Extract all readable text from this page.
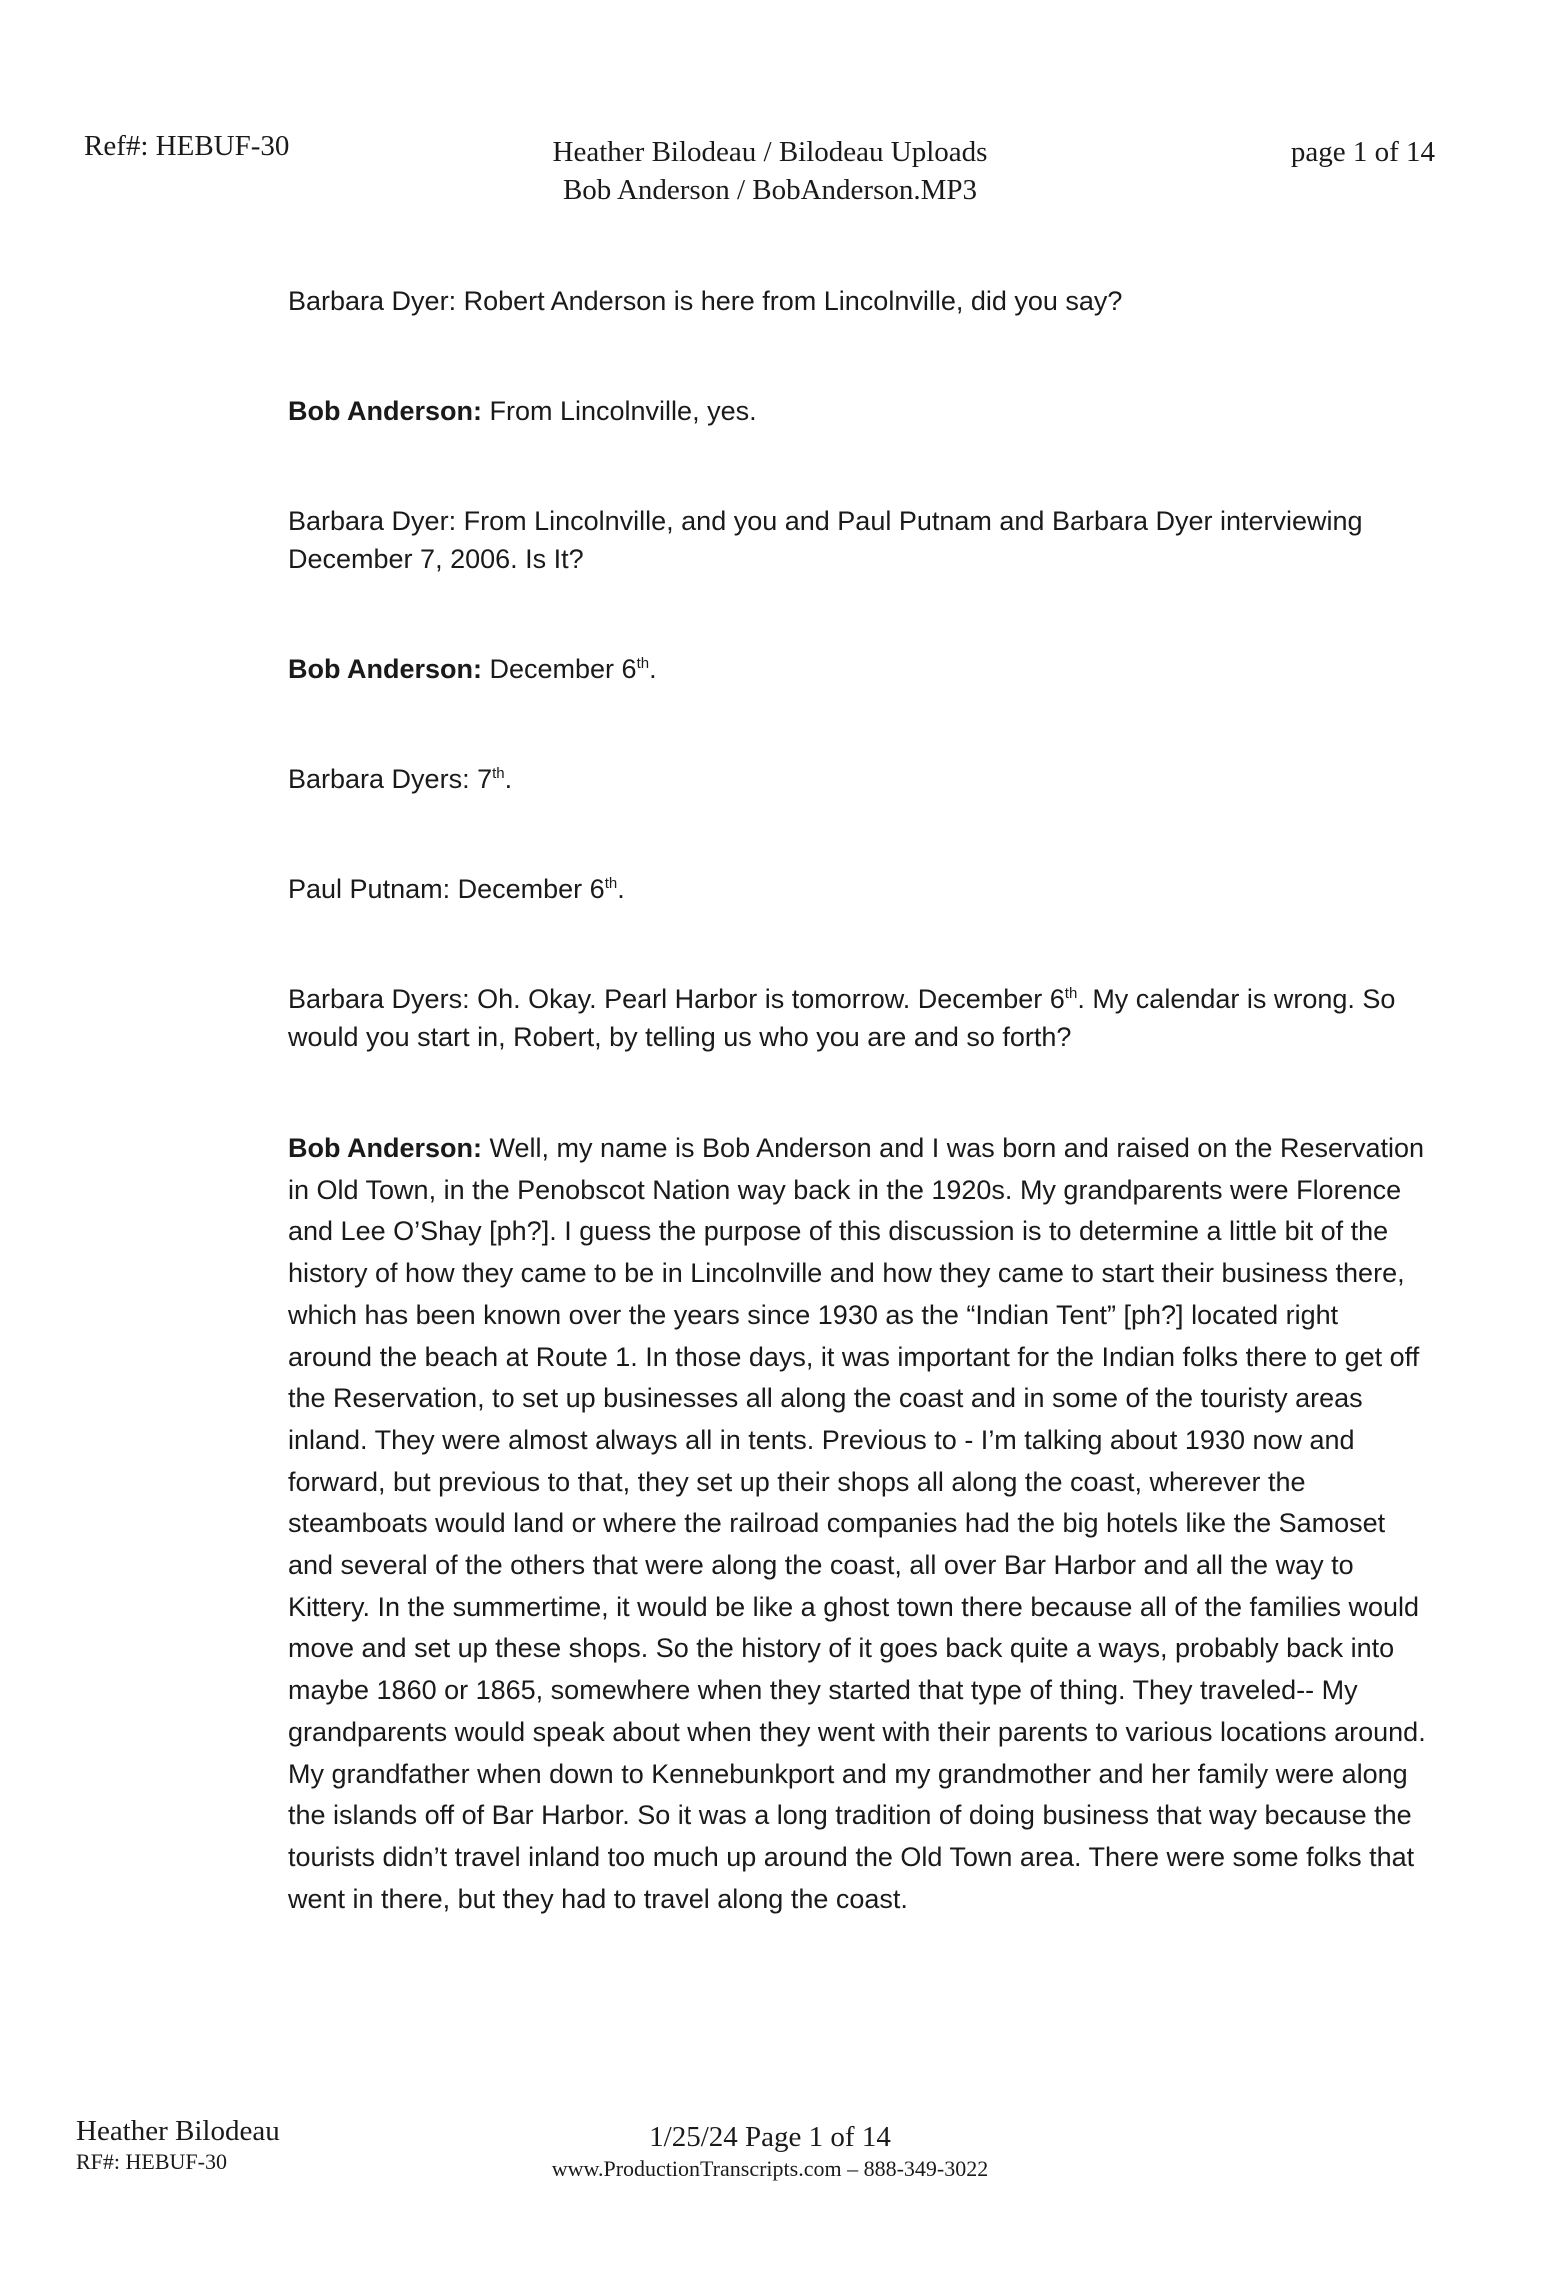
Ref#: HEBUF-30	Heather Bilodeau / Bilodeau Uploads
Bob Anderson / BobAnderson.MP3
page 1 of 14

Barbara Dyer: Robert Anderson is here from Lincolnville, did you say?

Bob Anderson: From Lincolnville, yes.

Barbara Dyer: From Lincolnville, and you and Paul Putnam and Barbara Dyer interviewing December 7, 2006. Is It?

Bob Anderson: December 6th.

Barbara Dyers: 7th.

Paul Putnam: December 6th.

Barbara Dyers: Oh. Okay. Pearl Harbor is tomorrow. December 6th. My calendar is wrong. So would you start in, Robert, by telling us who you are and so forth?

Bob Anderson: Well, my name is Bob Anderson and I was born and raised on the Reservation in Old Town, in the Penobscot Nation way back in the 1920s. My grandparents were Florence and Lee O’Shay [ph?]. I guess the purpose of this discussion is to determine a little bit of the history of how they came to be in Lincolnville and how they came to start their business there, which has been known over the years since 1930 as the “Indian Tent” [ph?] located right around the beach at Route 1. In those days, it was important for the Indian folks there to get off the Reservation, to set up businesses all along the coast and in some of the touristy areas inland. They were almost always all in tents. Previous to - I’m talking about 1930 now and forward, but previous to that, they set up their shops all along the coast, wherever the steamboats would land or where the railroad companies had the big hotels like the Samoset and several of the others that were along the coast, all over Bar Harbor and all the way to Kittery. In the summertime, it would be like a ghost town there because all of the families would move and set up these shops. So the history of it goes back quite a ways, probably back into maybe 1860 or 1865, somewhere when they started that type of thing. They traveled-- My grandparents would speak about when they went with their parents to various locations around. My grandfather when down to Kennebunkport and my grandmother and her family were along the islands off of Bar Harbor. So it was a long tradition of doing business that way because the tourists didn’t travel inland too much up around the Old Town area. There were some folks that went in there, but they had to travel along the coast.

Heather Bilodeau
RF#: HEBUF-30
1/25/24 Page 1 of 14
www.ProductionTranscripts.com – 888-349-3022
